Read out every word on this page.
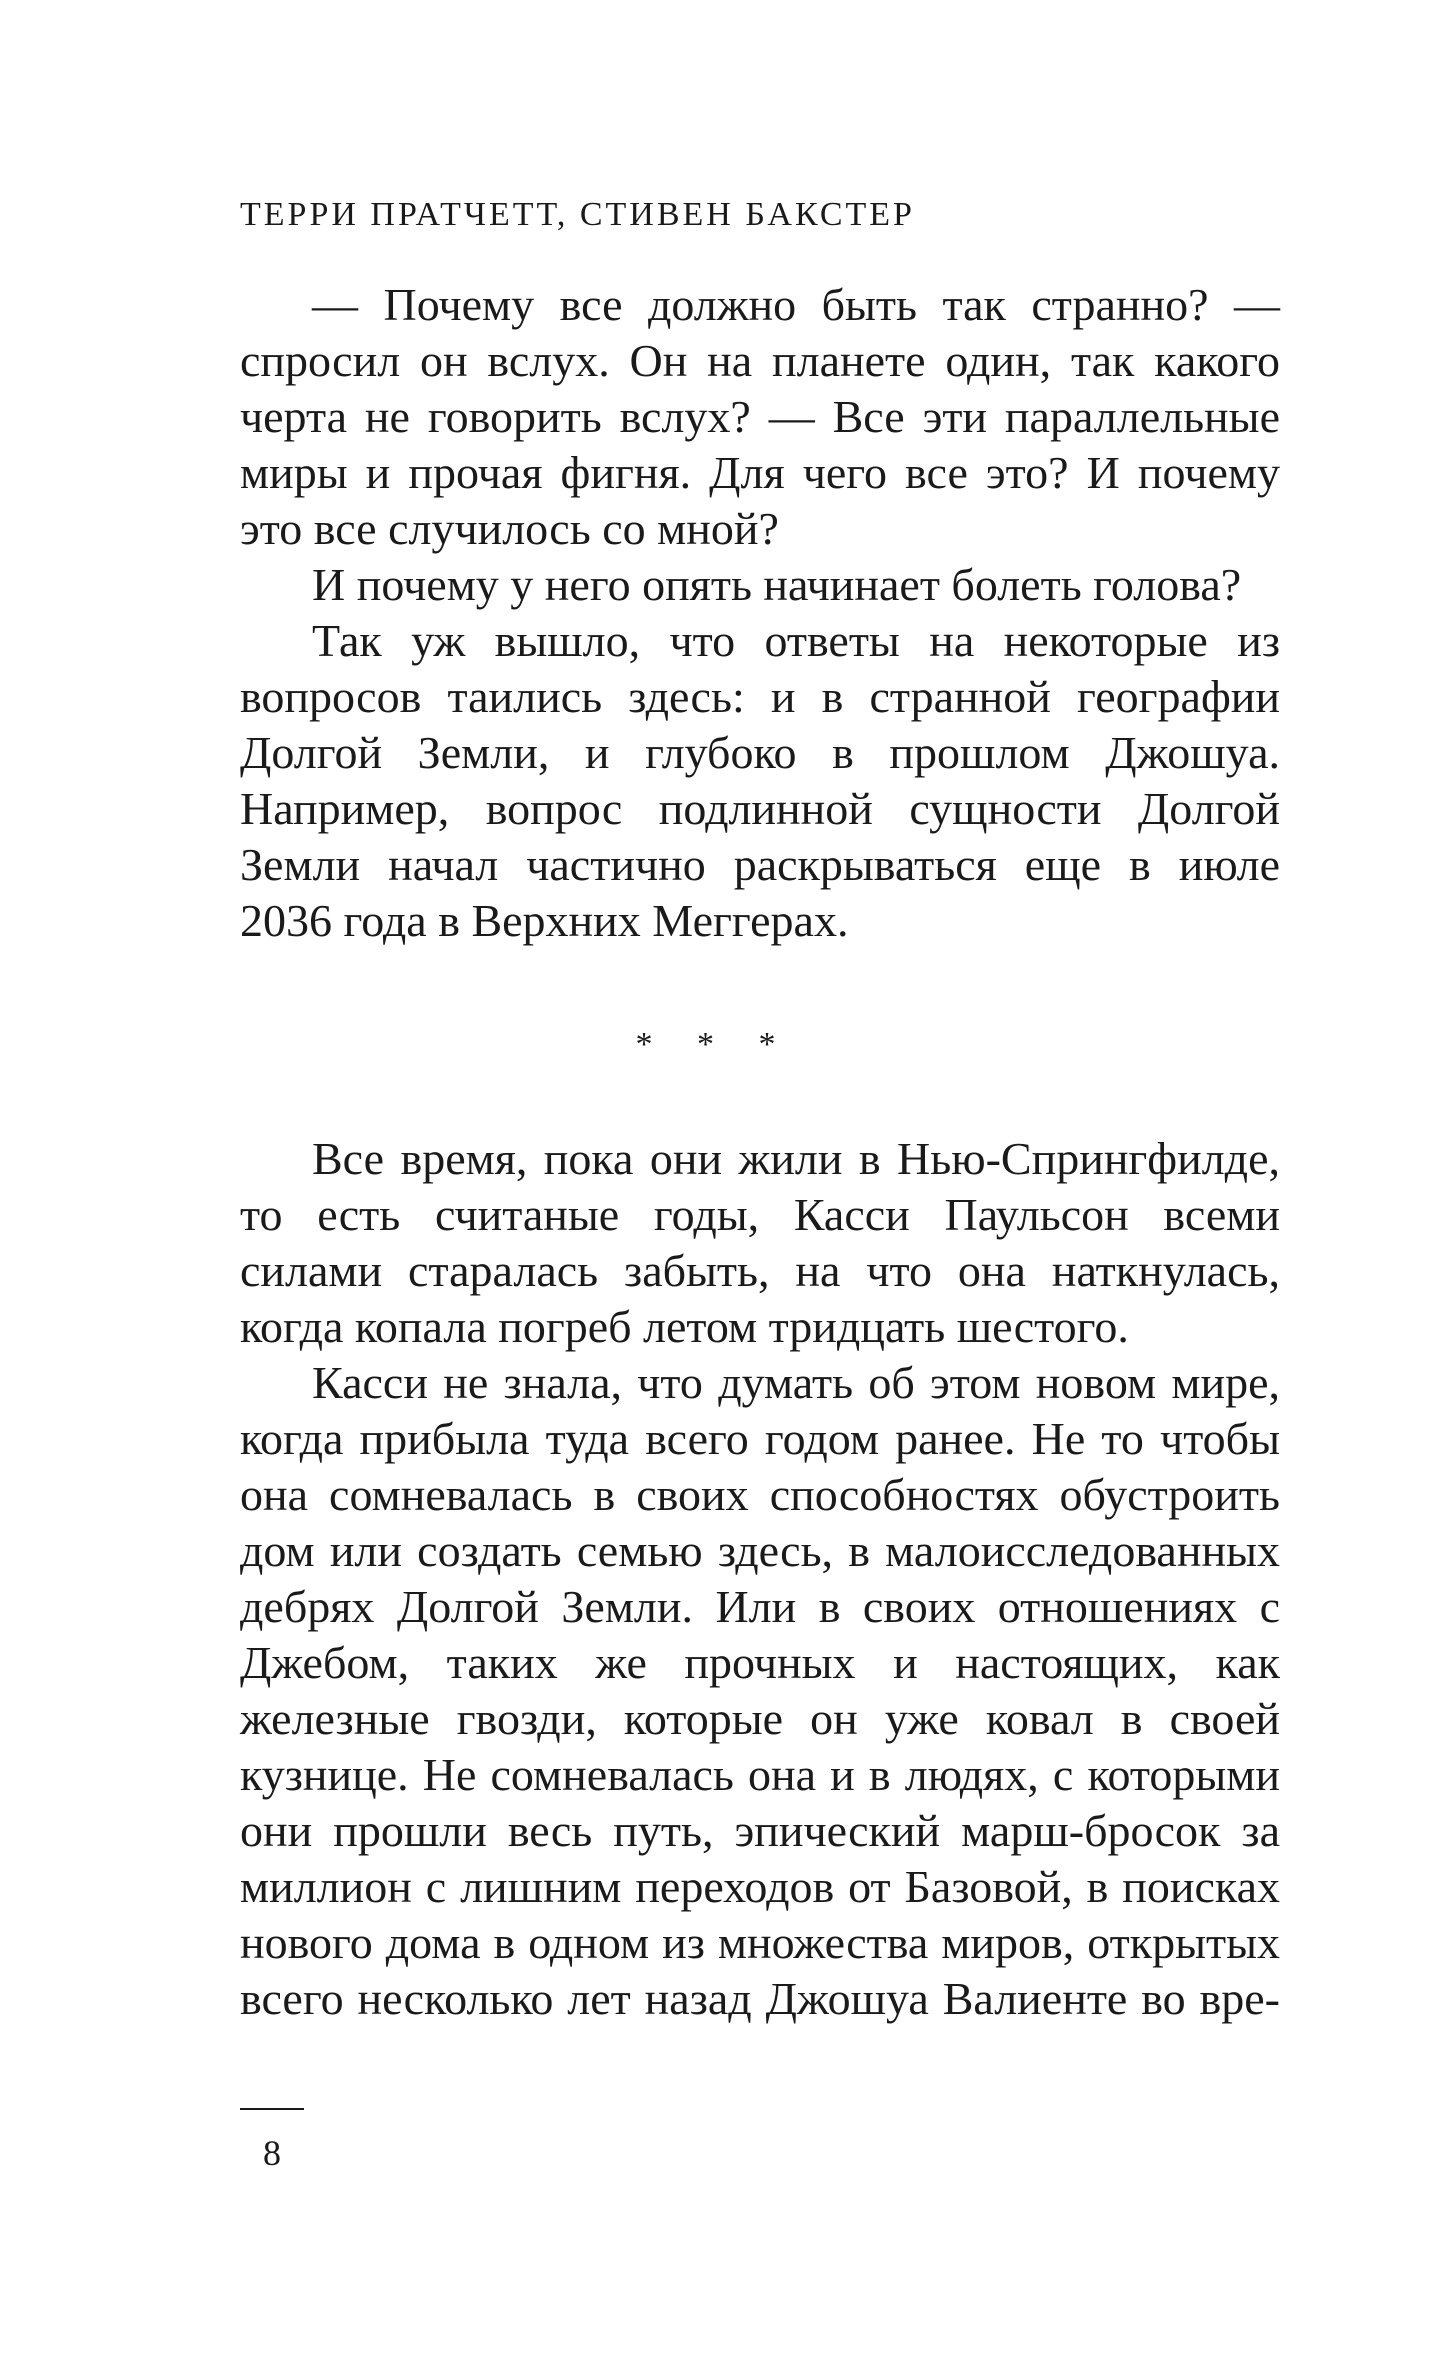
ТЕРРИ ПРАТЧЕТТ, СТИВЕН БАКСТЕР

— Почему все должно быть так странно? — спросил он вслух. Он на планете один, так какого черта не говорить вслух? — Все эти параллельные миры и прочая фигня. Для чего все это? И почему это все случилось со мной?

И почему у него опять начинает болеть голова?

Так уж вышло, что ответы на некоторые из вопросов таились здесь: и в странной географии Долгой Земли, и глубоко в прошлом Джошуа. Например, вопрос подлинной сущности Долгой Земли начал частично раскрываться еще в июле 2036 года в Верхних Меггерах.

* * *

Все время, пока они жили в Нью-Спрингфилде, то есть считаные годы, Касси Паульсон всеми силами старалась забыть, на что она наткнулась, когда копала погреб летом тридцать шестого.

Касси не знала, что думать об этом новом мире, когда прибыла туда всего годом ранее. Не то чтобы она сомневалась в своих способностях обустроить дом или создать семью здесь, в малоисследованных дебрях Долгой Земли. Или в своих отношениях с Джебом, таких же прочных и настоящих, как железные гвозди, которые он уже ковал в своей кузнице. Не сомневалась она и в людях, с которыми они прошли весь путь, эпический марш-бросок за миллион с лишним переходов от Базовой, в поисках нового дома в одном из множества миров, открытых всего несколько лет назад Джошуа Валиенте во вре-

8
